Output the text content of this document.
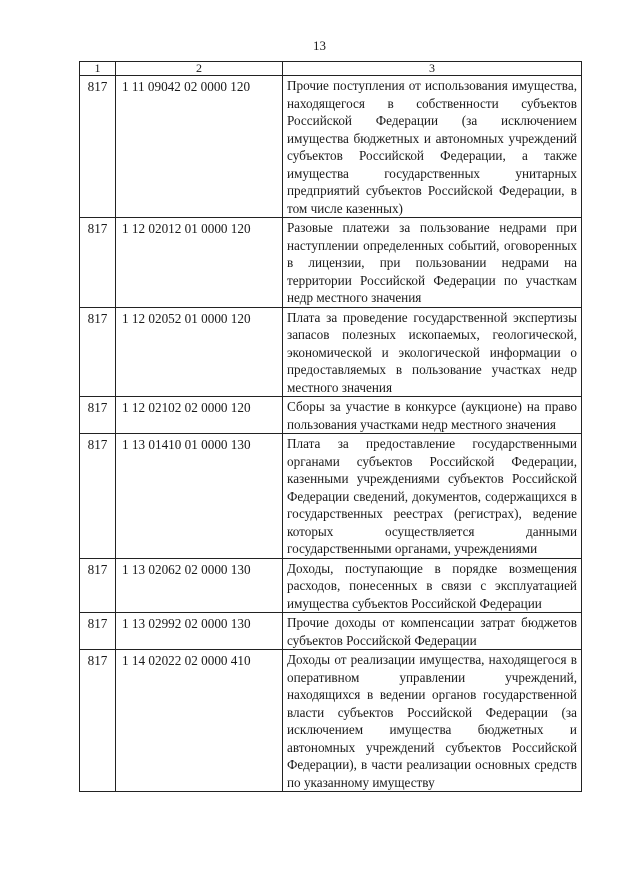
13
1	2	3
817	1 11 09042 02 0000 120	Прочие поступления от использования имущества, находящегося в собственности субъектов Российской Федерации (за исключением имущества бюджетных и автономных учреждений субъектов Российской Федерации, а также имущества государственных унитарных предприятий субъектов Российской Федерации, в том числе казенных)
817	1 12 02012 01 0000 120	Разовые платежи за пользование недрами при наступлении определенных событий, оговоренных в лицензии, при пользовании недрами на территории Российской Федерации по участкам недр местного значения
817	1 12 02052 01 0000 120	Плата за проведение государственной экспертизы запасов полезных ископаемых, геологической, экономической и экологической информации о предоставляемых в пользование участках недр местного значения
817	1 12 02102 02 0000 120	Сборы за участие в конкурсе (аукционе) на право пользования участками недр местного значения
817	1 13 01410 01 0000 130	Плата за предоставление государственными органами субъектов Российской Федерации, казенными учреждениями субъектов Российской Федерации сведений, документов, содержащихся в государственных реестрах (регистрах), ведение которых осуществляется данными государственными органами, учреждениями
817	1 13 02062 02 0000 130	Доходы, поступающие в порядке возмещения расходов, понесенных в связи с эксплуатацией имущества субъектов Российской Федерации
817	1 13 02992 02 0000 130	Прочие доходы от компенсации затрат бюджетов субъектов Российской Федерации
817	1 14 02022 02 0000 410	Доходы от реализации имущества, находящегося в оперативном управлении учреждений, находящихся в ведении органов государственной власти субъектов Российской Федерации (за исключением имущества бюджетных и автономных учреждений субъектов Российской Федерации), в части реализации основных средств по указанному имуществу
